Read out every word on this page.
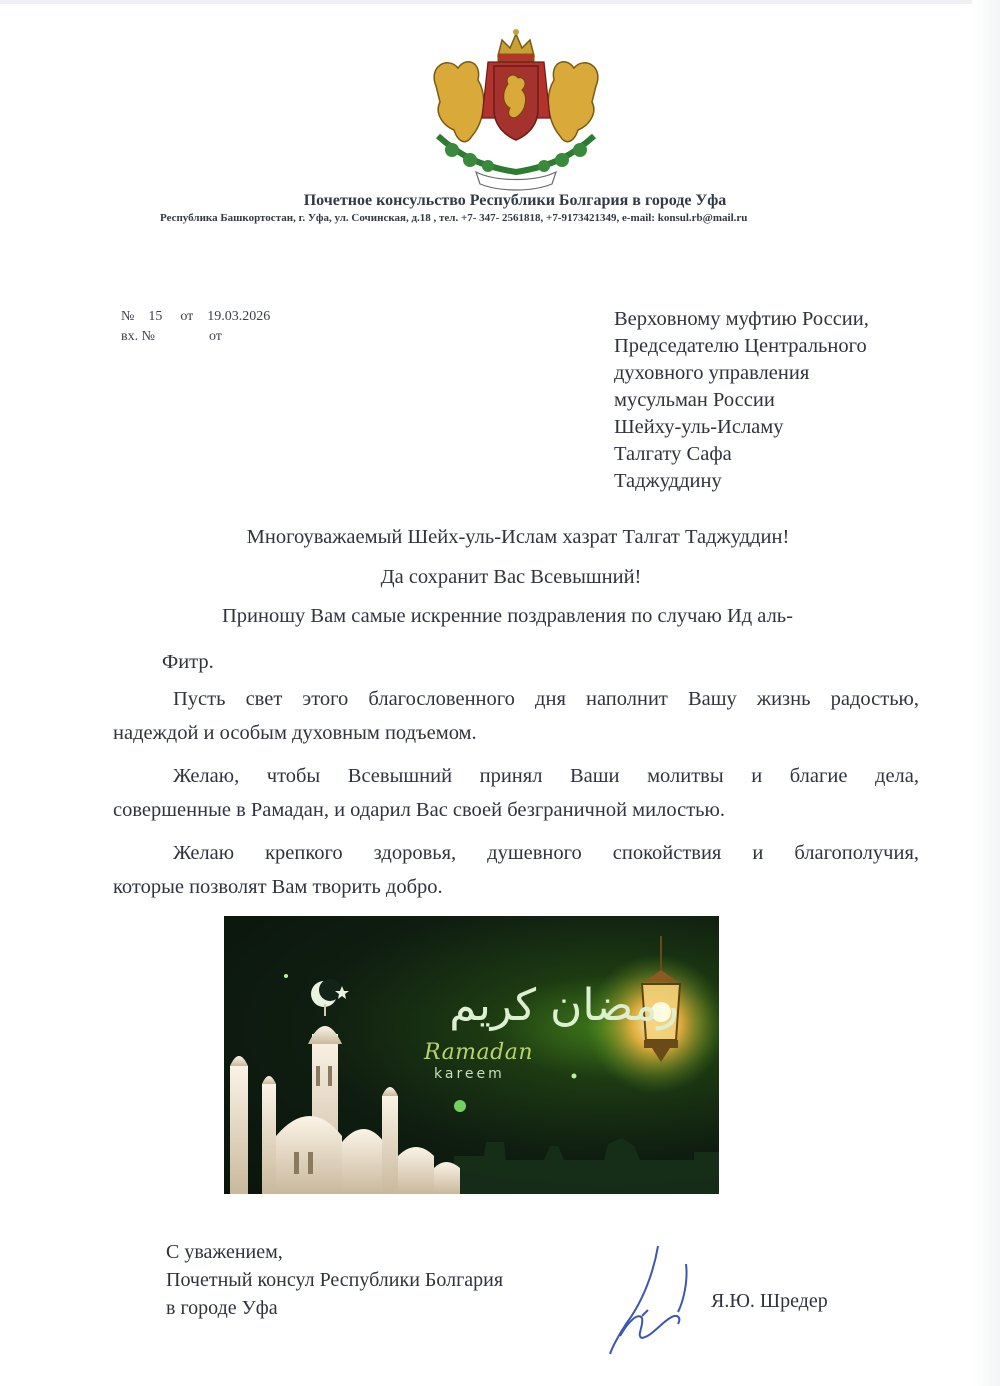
Почетное консульство Республики Болгария в городе Уфа
Республика Башкортостан, г. Уфа, ул. Сочинская, д.18 , тел. +7- 347- 2561818, +7-9173421349, e-mail: konsul.rb@mail.ru
№ 15 от 19.03.2026
вх. №	от
Верховному муфтию России,
Председателю Центрального
духовного управления
мусульман России
Шейху-уль-Исламу
Талгату Сафа
Таджуддину
Многоуважаемый Шейх-уль-Ислам хазрат Талгат Таджуддин!
Да сохранит Вас Всевышний!
Приношу Вам самые искренние поздравления по случаю Ид аль-
Фитр.
Пусть свет этого благословенного дня наполнит Вашу жизнь радостью,
надеждой и особым духовным подъемом.
Желаю, чтобы Всевышний принял Ваши молитвы и благие дела,
совершенные в Рамадан, и одарил Вас своей безграничной милостью.
Желаю крепкого здоровья, душевного спокойствия и благополучия,
которые позволят Вам творить добро.
رمضان كريم
Ramadan
kareem
С уважением,
Почетный консул Республики Болгария
в городе Уфа	Я.Ю. Шредер
